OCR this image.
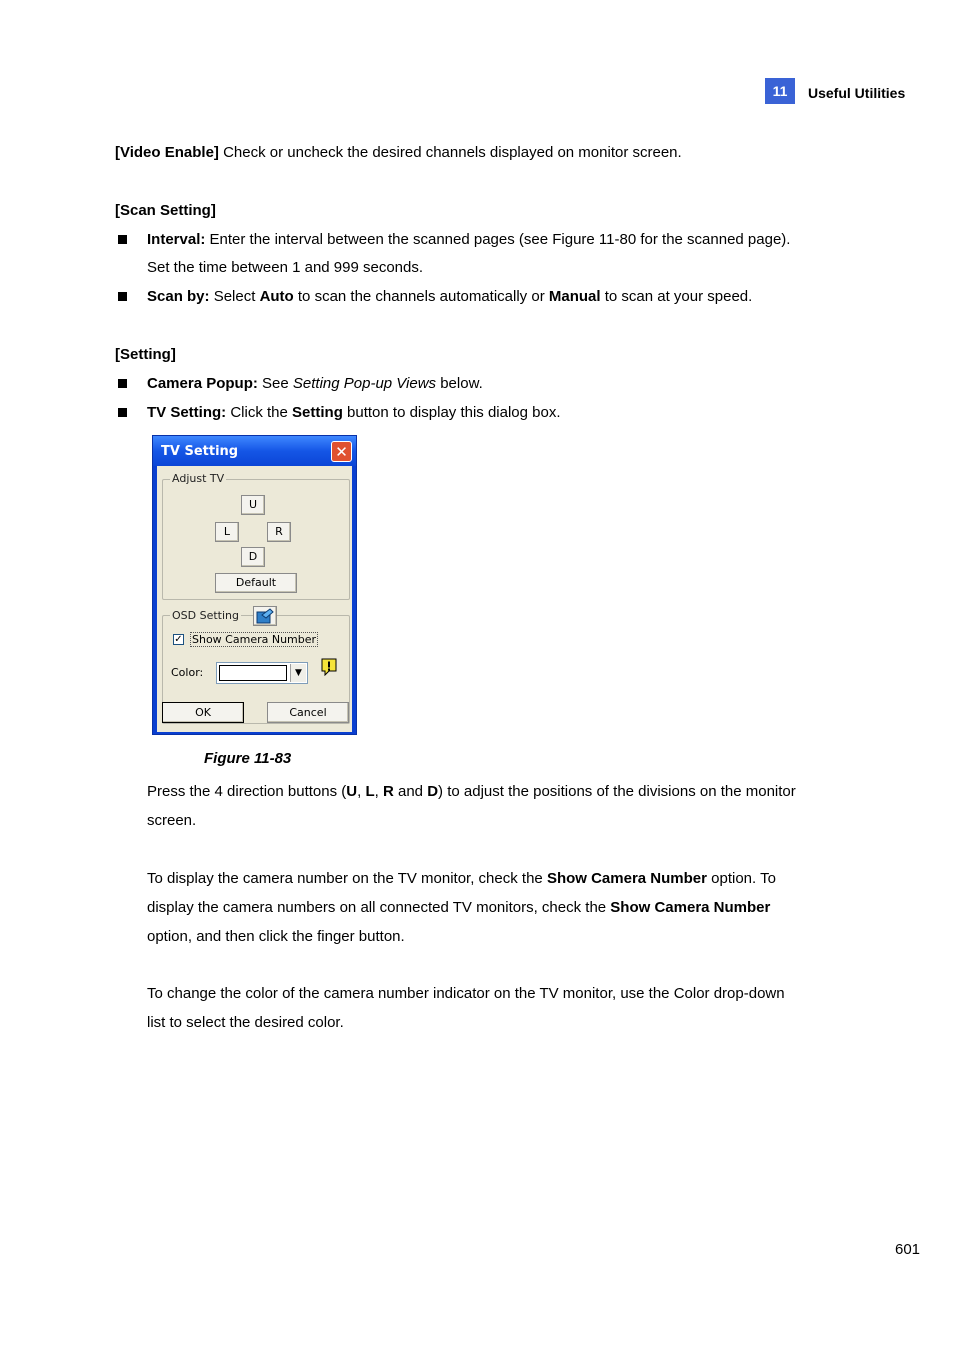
11	Useful Utilities
[Video Enable] Check or uncheck the desired channels displayed on monitor screen.
[Scan Setting]
Interval: Enter the interval between the scanned pages (see Figure 11-80 for the scanned page).
Set the time between 1 and 999 seconds.
Scan by: Select Auto to scan the channels automatically or Manual to scan at your speed.
[Setting]
Camera Popup: See Setting Pop-up Views below.
TV Setting: Click the Setting button to display this dialog box.
TV Setting	✕
Adjust TV
U
L	R
D
Default
OSD Setting
✓ Show Camera Number
Color:	▼
OK	Cancel
Figure 11-83
Press the 4 direction buttons (U, L, R and D) to adjust the positions of the divisions on the monitor
screen.
To display the camera number on the TV monitor, check the Show Camera Number option. To
display the camera numbers on all connected TV monitors, check the Show Camera Number
option, and then click the finger button.
To change the color of the camera number indicator on the TV monitor, use the Color drop-down
list to select the desired color.
601
